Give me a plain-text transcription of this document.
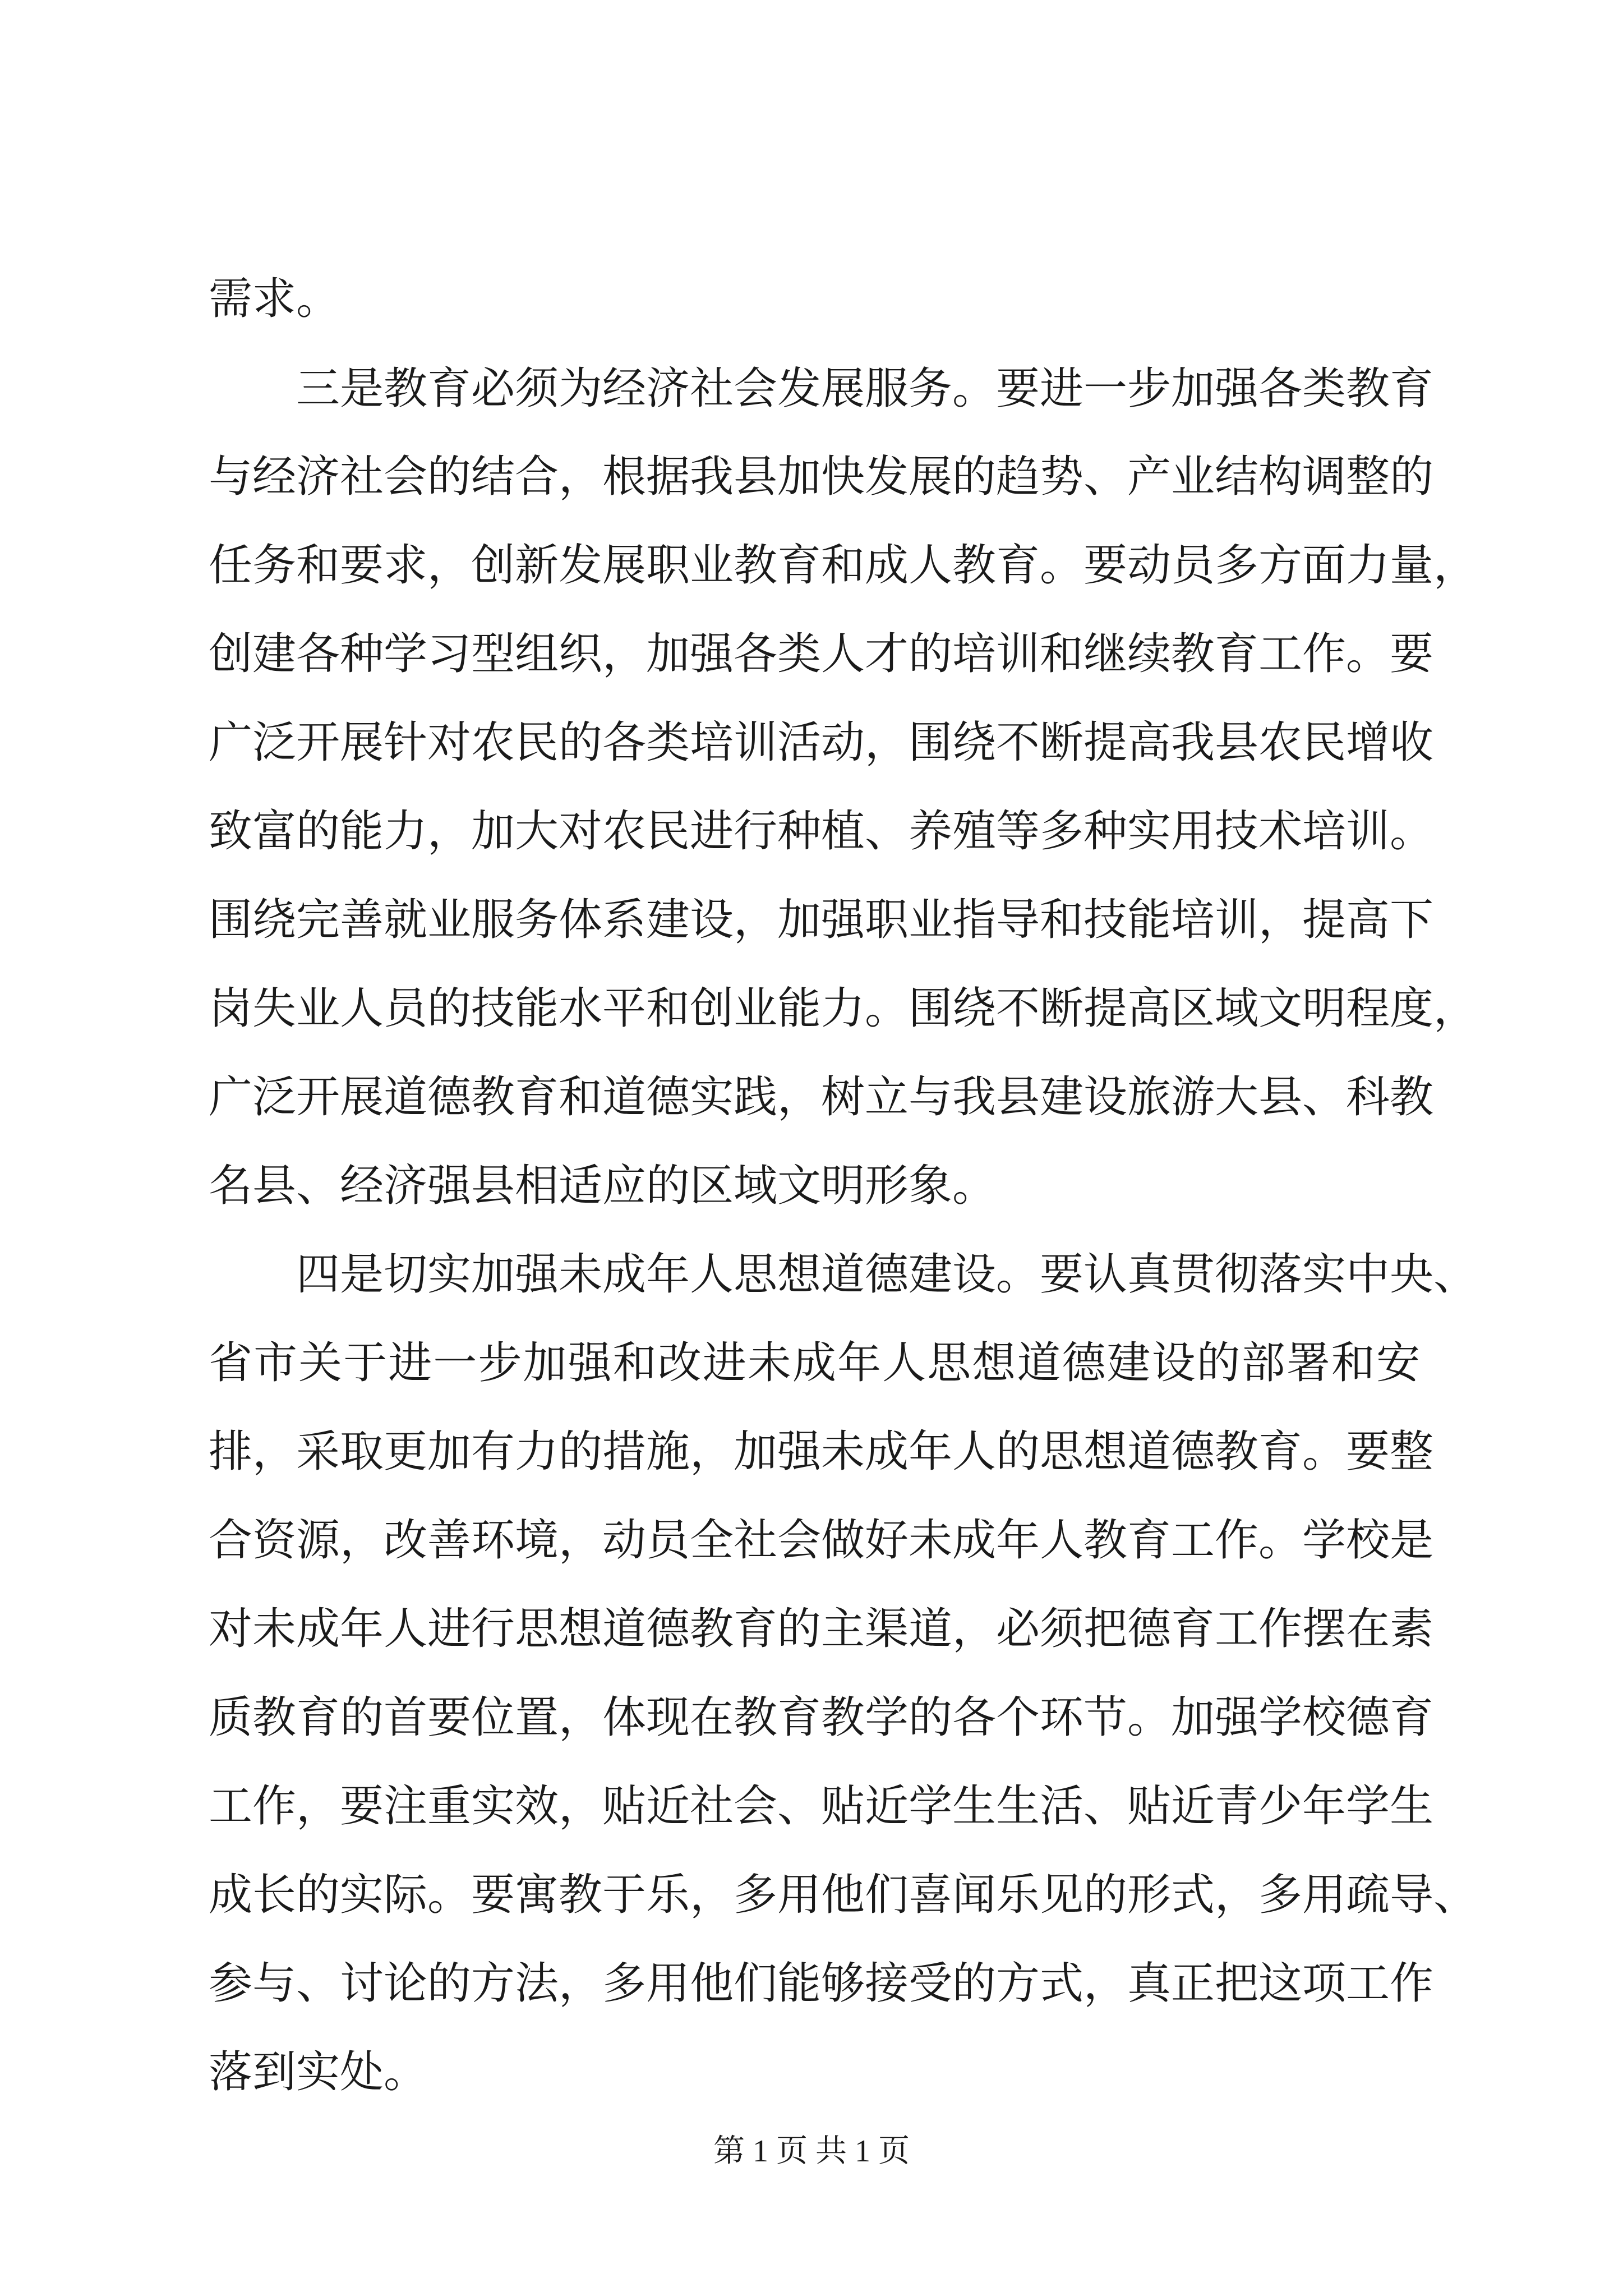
需求。
三是教育必须为经济社会发展服务。要进一步加强各类教育
与经济社会的结合，根据我县加快发展的趋势、产业结构调整的
任务和要求，创新发展职业教育和成人教育。要动员多方面力量，
创建各种学习型组织，加强各类人才的培训和继续教育工作。要
广泛开展针对农民的各类培训活动，围绕不断提高我县农民增收
致富的能力，加大对农民进行种植、养殖等多种实用技术培训。
围绕完善就业服务体系建设，加强职业指导和技能培训，提高下
岗失业人员的技能水平和创业能力。围绕不断提高区域文明程度，
广泛开展道德教育和道德实践，树立与我县建设旅游大县、科教
名县、经济强县相适应的区域文明形象。
四是切实加强未成年人思想道德建设。要认真贯彻落实中央、
省市关于进一步加强和改进未成年人思想道德建设的部署和安
排，采取更加有力的措施，加强未成年人的思想道德教育。要整
合资源，改善环境，动员全社会做好未成年人教育工作。学校是
对未成年人进行思想道德教育的主渠道，必须把德育工作摆在素
质教育的首要位置，体现在教育教学的各个环节。加强学校德育
工作，要注重实效，贴近社会、贴近学生生活、贴近青少年学生
成长的实际。要寓教于乐，多用他们喜闻乐见的形式，多用疏导、
参与、讨论的方法，多用他们能够接受的方式，真正把这项工作
落到实处。
第 1 页 共 1 页
